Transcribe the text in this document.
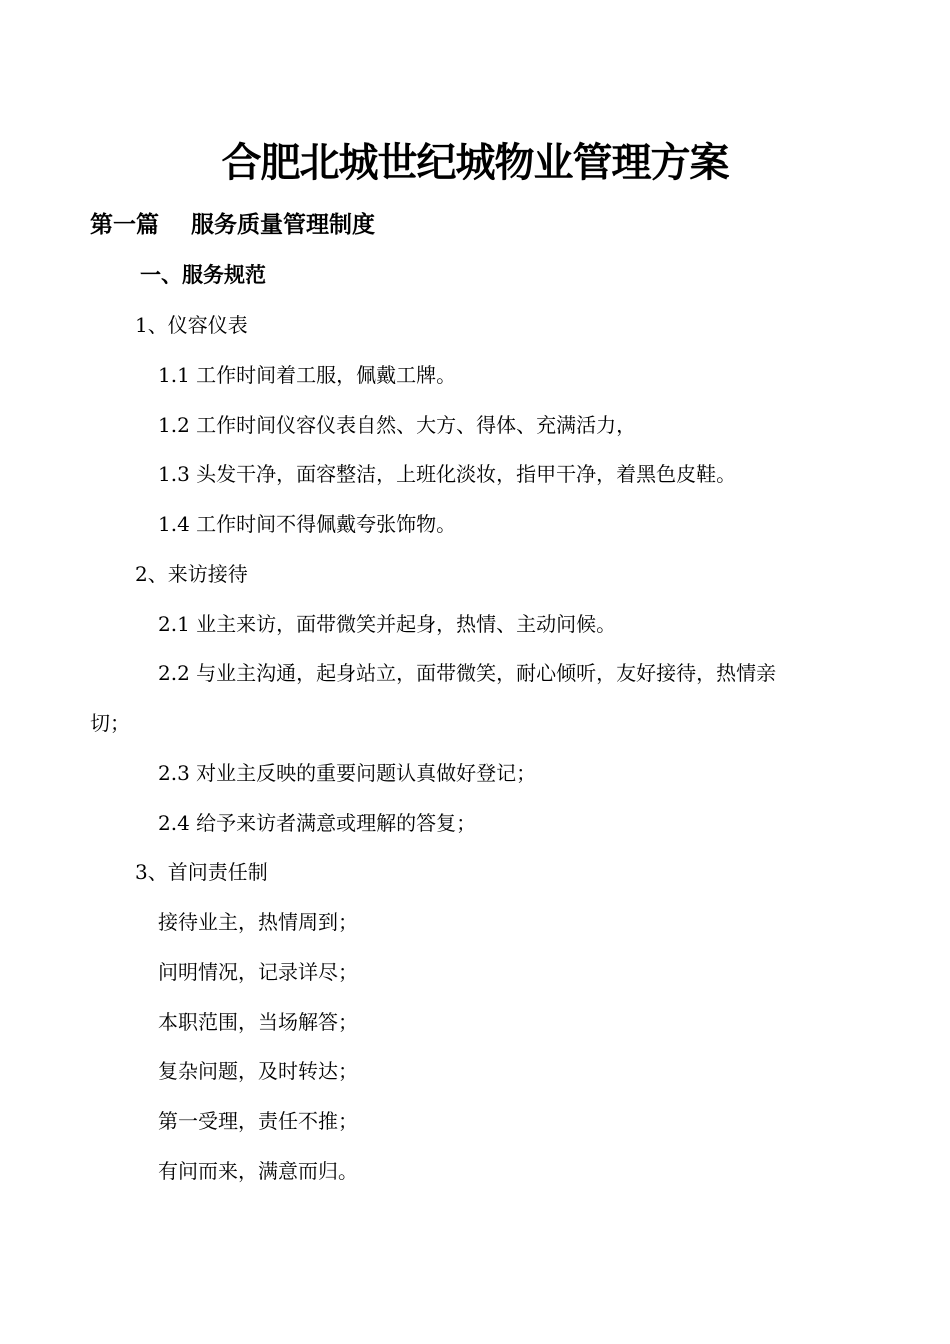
合肥北城世纪城物业管理方案
第一篇    服务质量管理制度
一、服务规范

1、仪容仪表

1.1 工作时间着工服，佩戴工牌。

1.2 工作时间仪容仪表自然、大方、得体、充满活力，

1.3 头发干净，面容整洁，上班化淡妆，指甲干净，着黑色皮鞋。

1.4 工作时间不得佩戴夸张饰物。

2、来访接待

2.1 业主来访，面带微笑并起身，热情、主动问候。

2.2 与业主沟通，起身站立，面带微笑，耐心倾听，友好接待，热情亲

切；

2.3 对业主反映的重要问题认真做好登记；

2.4 给予来访者满意或理解的答复；

3、首问责任制

接待业主，热情周到；

问明情况，记录详尽；

本职范围，当场解答；

复杂问题，及时转达；

第一受理，责任不推；

有问而来，满意而归。
